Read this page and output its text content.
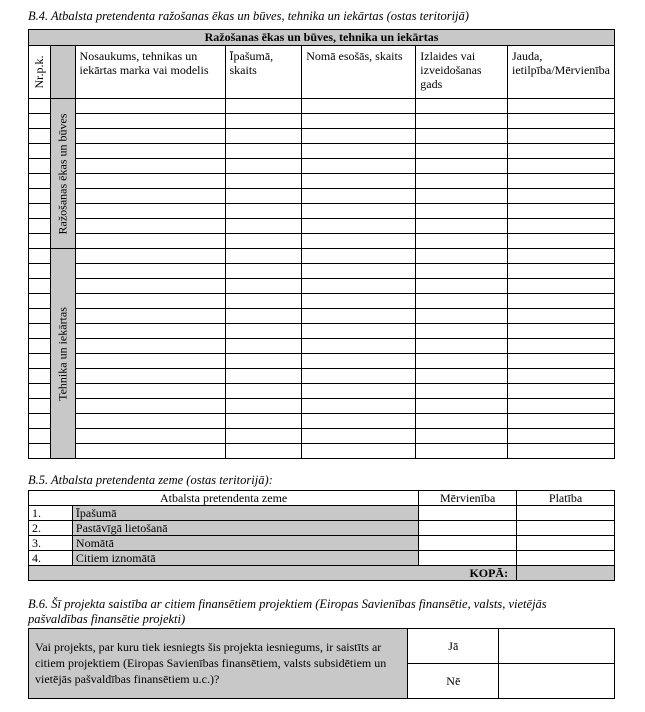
B.4. Atbalsta pretendenta ražošanas ēkas un būves, tehnika un iekārtas (ostas teritorijā)
Ražošanas ēkas un būves, tehnika un iekārtas						

Nr.p.k.		Nosaukums, tehnikas un iekārtas marka vai modelis	Īpašumā, skaits	Nomā esošās, skaits	Izlaides vai izveidošanas gads	Jauda, ietilpība/Mērvienība

	Ražošanas ēkas un būves					

	Tehnika un iekārtas					

B.5. Atbalsta pretendenta zeme (ostas teritorijā):
Atbalsta pretendenta zeme		Mērvienība	Platība
1.	Īpašumā		
2.	Pastāvīgā lietošanā		
3.	Nomātā		
4.	Citiem iznomātā		
KOPĀ:			
B.6. Šī projekta saistība ar citiem finansētiem projektiem (Eiropas Savienības finansētie, valsts, vietējās
pašvaldības finansētie projekti)
Vai projekts, par kuru tiek iesniegts šis projekta iesniegums, ir saistīts ar citiem projektiem (Eiropas Savienības finansētiem, valsts subsidētiem un vietējās pašvaldības finansētiem u.c.)?	Jā	
	Nē	
